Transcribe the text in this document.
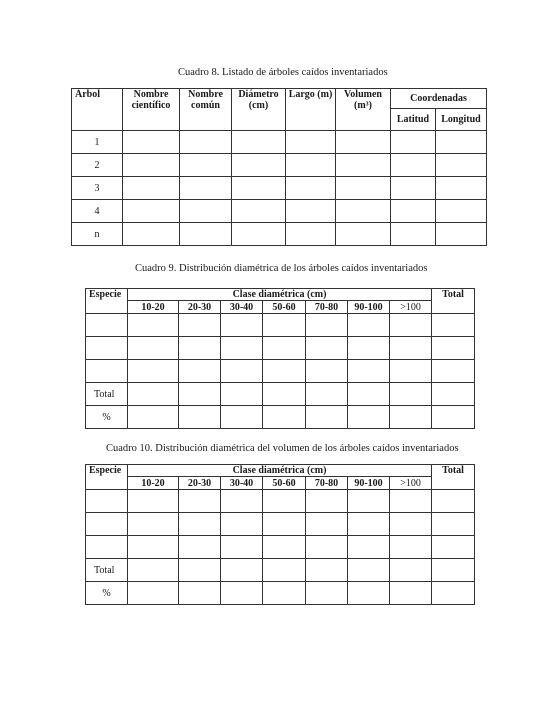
Cuadro 8. Listado de árboles caídos inventariados
Árbol	Nombre científico	Nombre común	Diámetro (cm)	Largo (m)	Volumen (m³)	Coordenadas	
						Latitud	Longitud
1							
2							
3							
4							
n							
Cuadro 9. Distribución diamétrica de los árboles caídos inventariados
Especie	Clase diamétrica (cm)							Total
	10-20	20-30	30-40	50-60	70-80	90-100	>100	

Total								
%								
Cuadro 10. Distribución diamétrica del volumen de los árboles caídos inventariados
Especie	Clase diamétrica (cm)							Total
	10-20	20-30	30-40	50-60	70-80	90-100	>100	

Total								
%								
